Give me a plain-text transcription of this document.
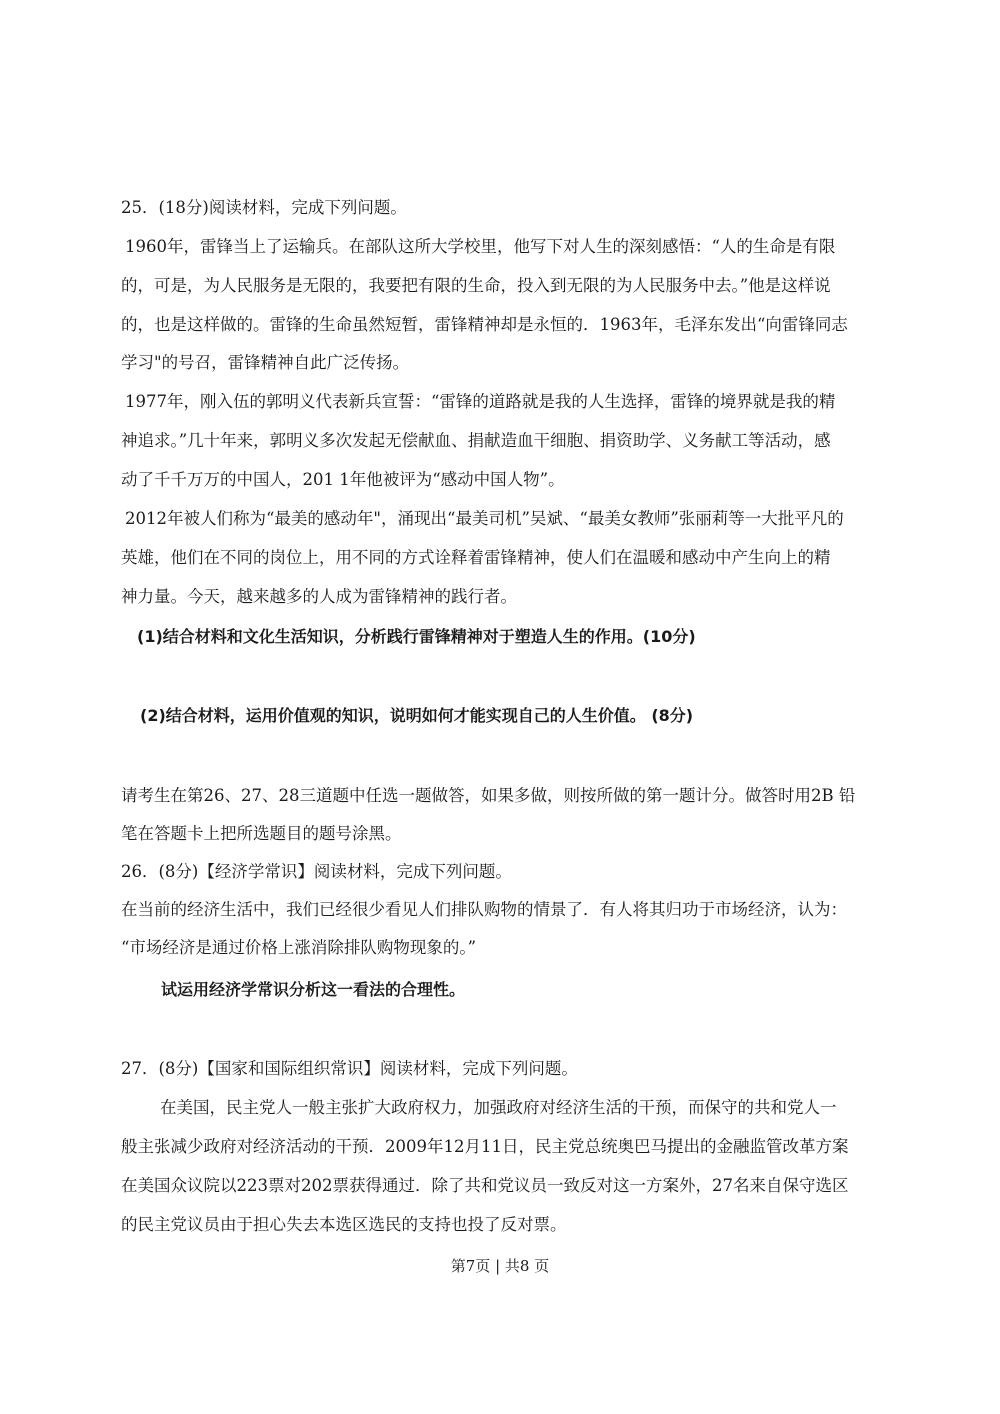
25．(18分)阅读材料，完成下列问题。
1960年，雷锋当上了运输兵。在部队这所大学校里，他写下对人生的深刻感悟：“人的生命是有限
的，可是，为人民服务是无限的，我要把有限的生命，投入到无限的为人民服务中去。”他是这样说
的，也是这样做的。雷锋的生命虽然短暂，雷锋精神却是永恒的．1963年，毛泽东发出“向雷锋同志
学习"的号召，雷锋精神自此广泛传扬。
1977年，刚入伍的郭明义代表新兵宣誓：“雷锋的道路就是我的人生选择，雷锋的境界就是我的精
神追求。”几十年来，郭明义多次发起无偿献血、捐献造血干细胞、捐资助学、义务献工等活动，感
动了千千万万的中国人，201 1年他被评为“感动中国人物”。
2012年被人们称为“最美的感动年"，涌现出“最美司机”吴斌、“最美女教师”张丽莉等一大批平凡的
英雄，他们在不同的岗位上，用不同的方式诠释着雷锋精神，使人们在温暖和感动中产生向上的精
神力量。今天，越来越多的人成为雷锋精神的践行者。
(1)结合材料和文化生活知识，分析践行雷锋精神对于塑造人生的作用。(10分)
(2)结合材料，运用价值观的知识，说明如何才能实现自己的人生价值。 (8分)
请考生在第26、27、28三道题中任选一题做答，如果多做，则按所做的第一题计分。做答时用2B 铅
笔在答题卡上把所选题目的题号涂黑。
26．(8分)【经济学常识】阅读材料，完成下列问题。
在当前的经济生活中，我们已经很少看见人们排队购物的情景了．有人将其归功于市场经济，认为：
“市场经济是通过价格上涨消除排队购物现象的。”
试运用经济学常识分析这一看法的合理性。
27．(8分)【国家和国际组织常识】阅读材料，完成下列问题。
在美国，民主党人一般主张扩大政府权力，加强政府对经济生活的干预，而保守的共和党人一
般主张减少政府对经济活动的干预．2009年12月11日，民主党总统奥巴马提出的金融监管改革方案
在美国众议院以223票对202票获得通过．除了共和党议员一致反对这一方案外，27名来自保守选区
的民主党议员由于担心失去本选区选民的支持也投了反对票。
第7页 | 共8 页
